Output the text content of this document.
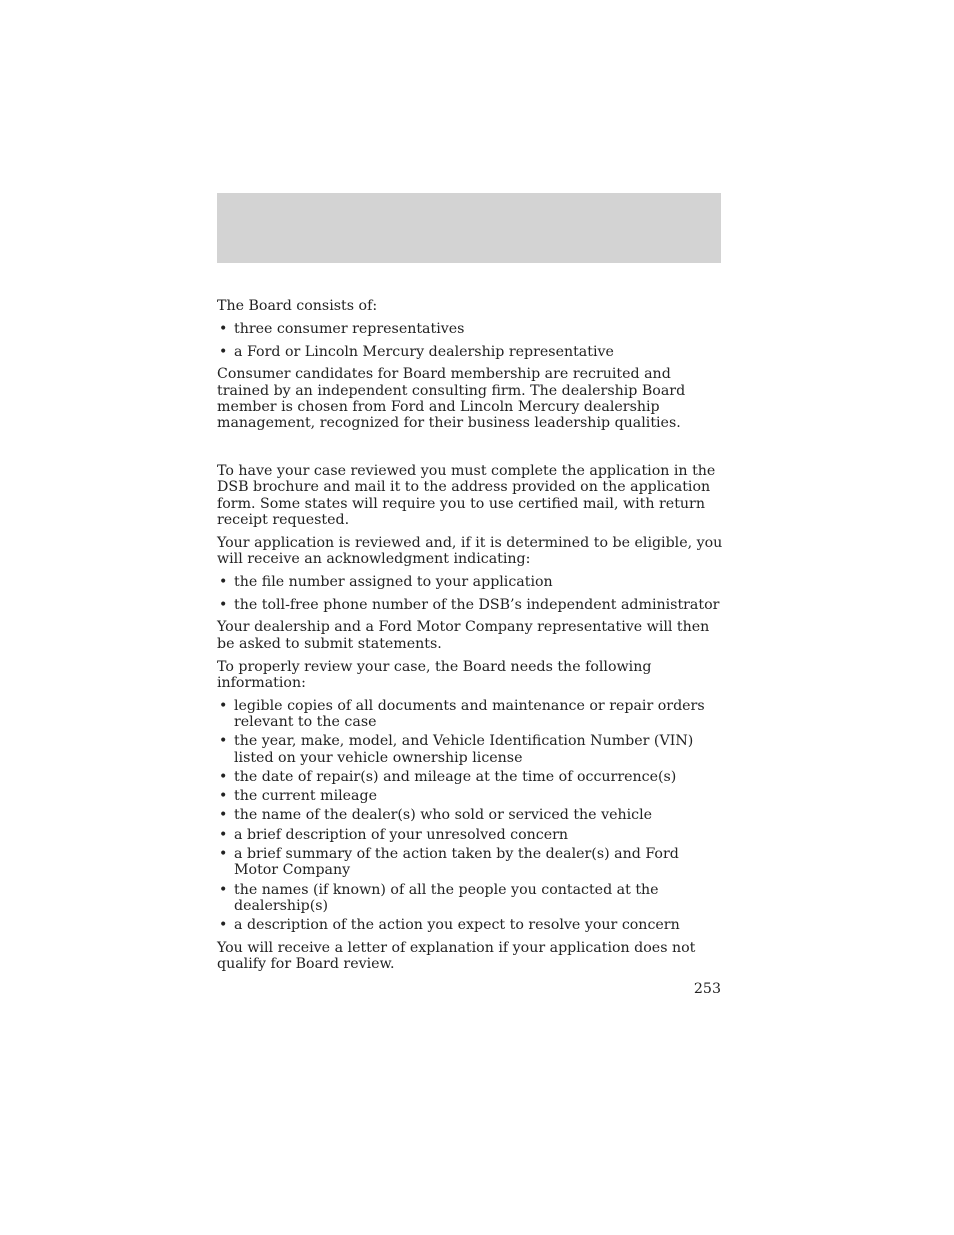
The Board consists of:

• three consumer representatives
• a Ford or Lincoln Mercury dealership representative

Consumer candidates for Board membership are recruited and trained by an independent consulting firm. The dealership Board member is chosen from Ford and Lincoln Mercury dealership management, recognized for their business leadership qualities.

To have your case reviewed you must complete the application in the DSB brochure and mail it to the address provided on the application form. Some states will require you to use certified mail, with return receipt requested.

Your application is reviewed and, if it is determined to be eligible, you will receive an acknowledgment indicating:

• the file number assigned to your application
• the toll-free phone number of the DSB’s independent administrator

Your dealership and a Ford Motor Company representative will then be asked to submit statements.

To properly review your case, the Board needs the following information:

• legible copies of all documents and maintenance or repair orders relevant to the case
• the year, make, model, and Vehicle Identification Number (VIN) listed on your vehicle ownership license
• the date of repair(s) and mileage at the time of occurrence(s)
• the current mileage
• the name of the dealer(s) who sold or serviced the vehicle
• a brief description of your unresolved concern
• a brief summary of the action taken by the dealer(s) and Ford Motor Company
• the names (if known) of all the people you contacted at the dealership(s)
• a description of the action you expect to resolve your concern

You will receive a letter of explanation if your application does not qualify for Board review.

253
